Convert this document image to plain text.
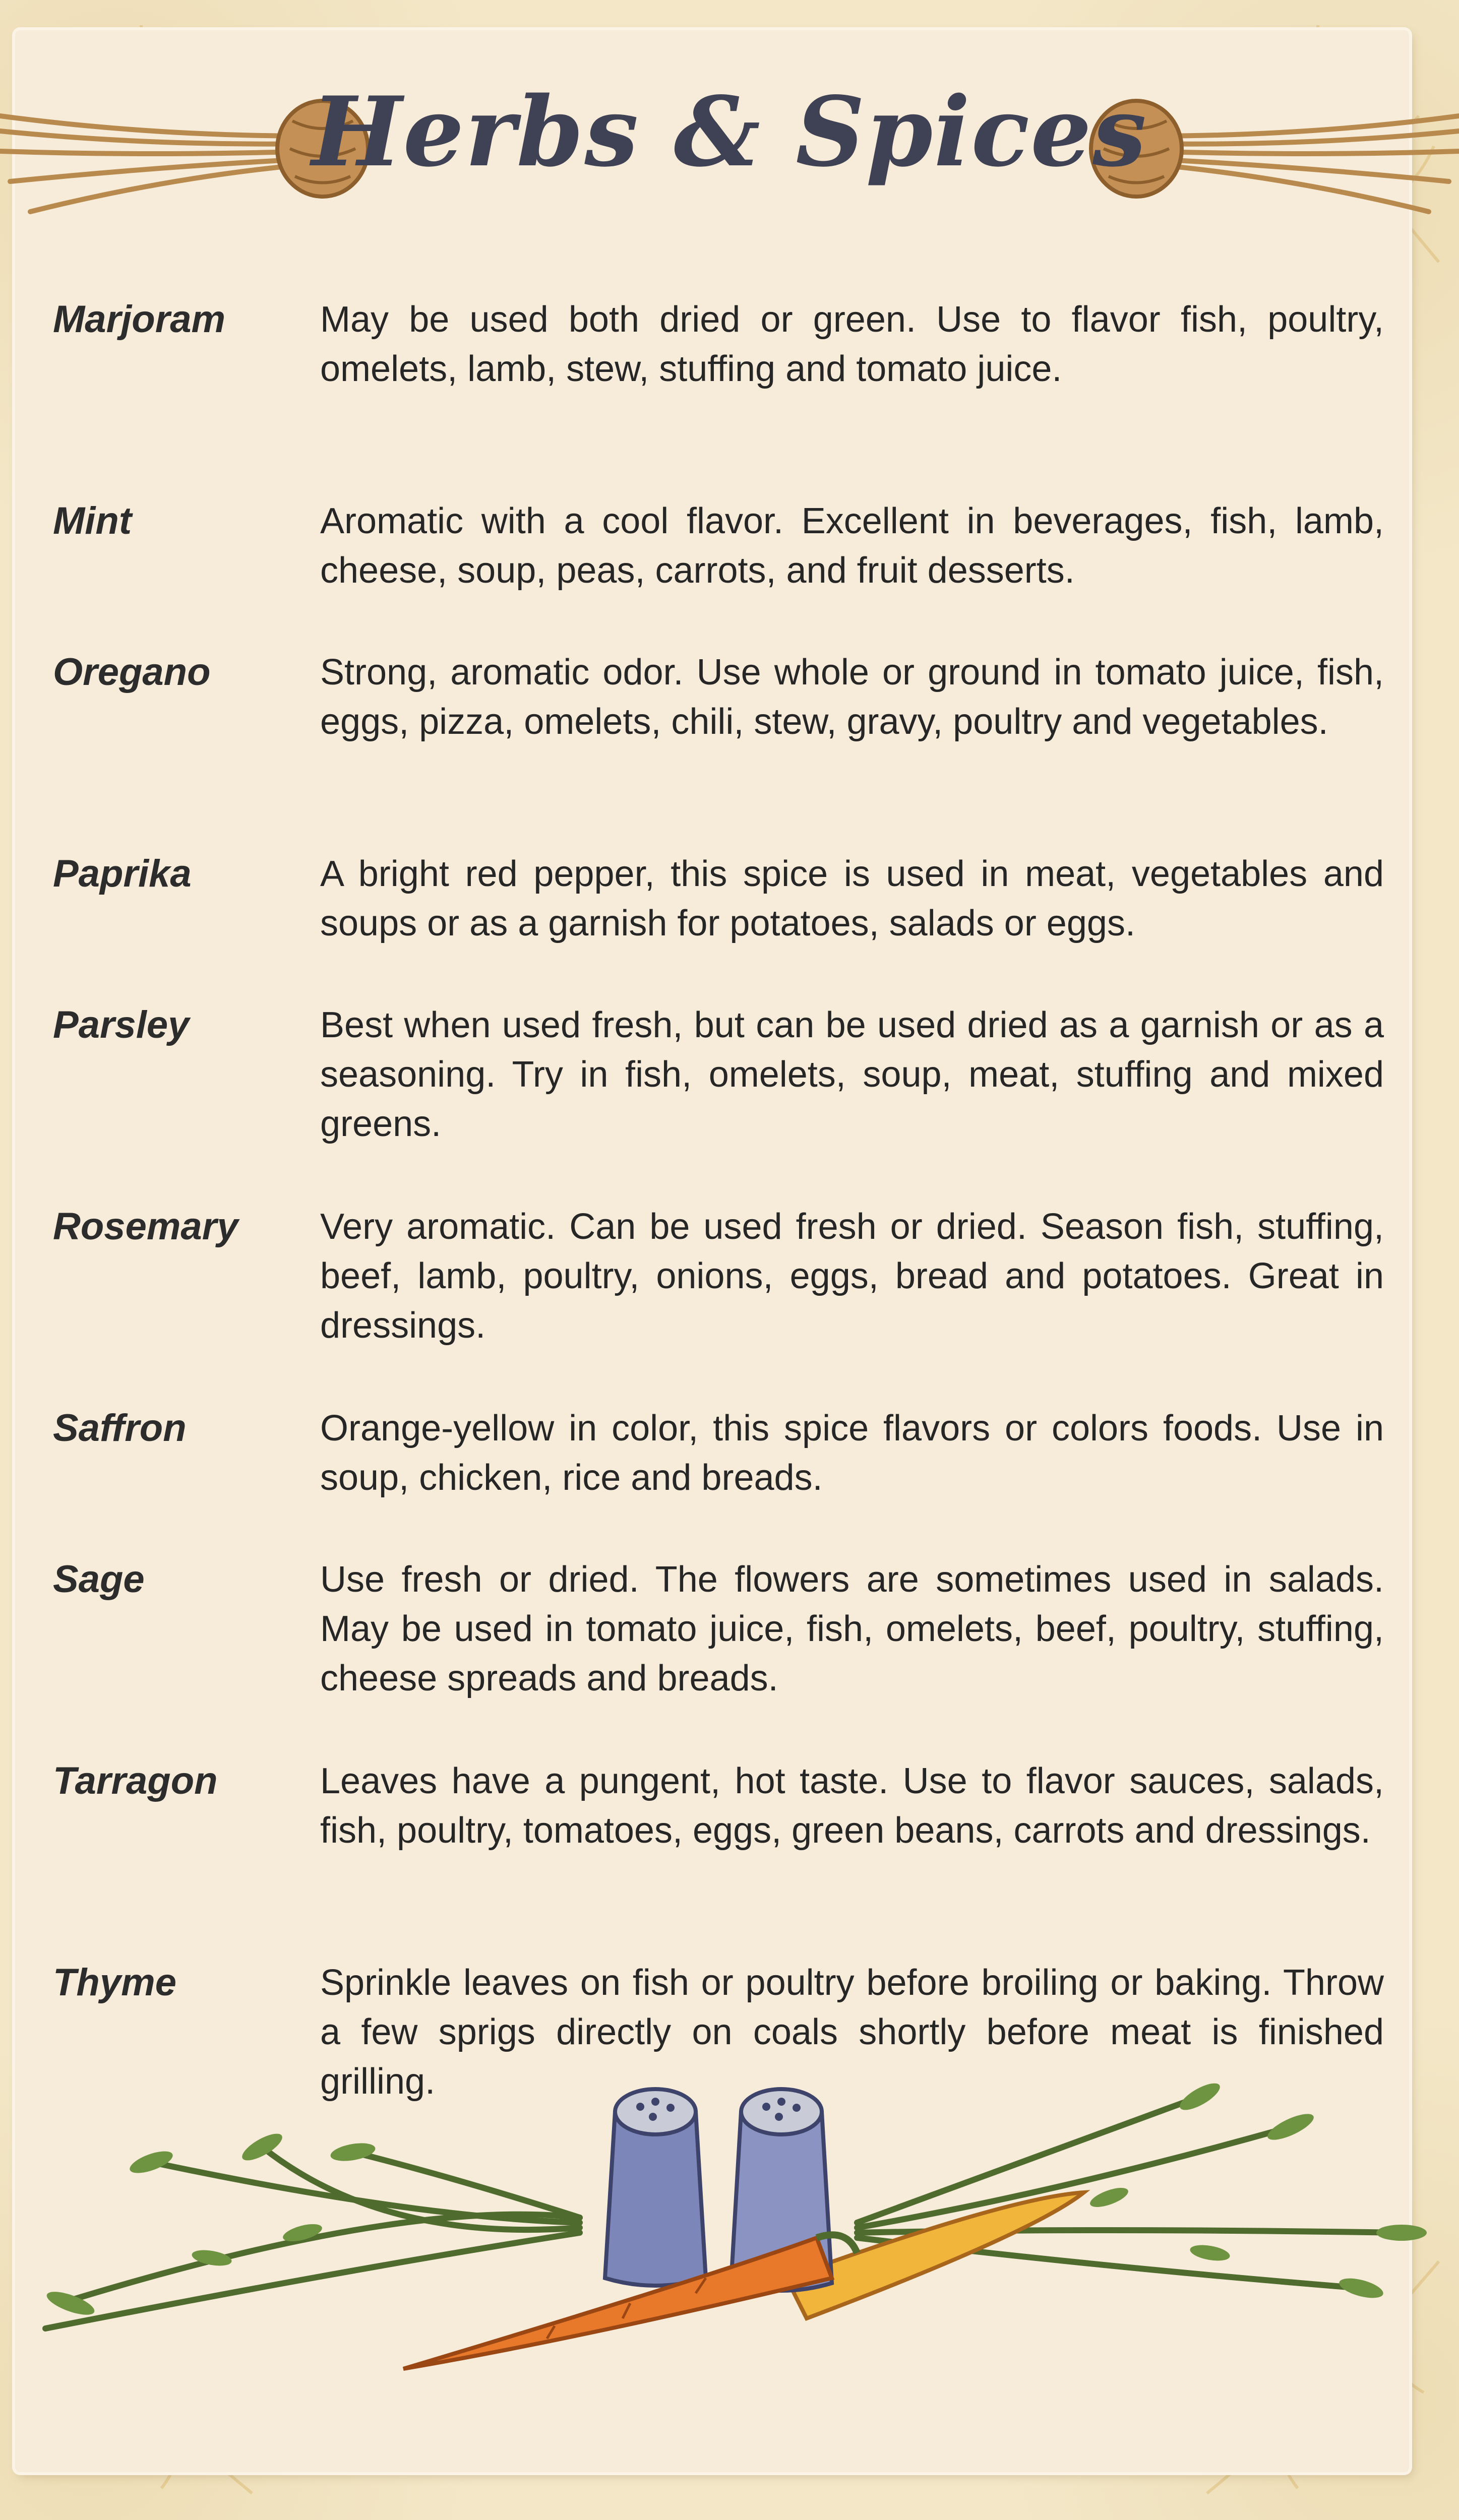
Herbs & Spices
Marjoram	May be used both dried or green. Use to flavor fish, poultry, omelets, lamb, stew, stuffing and tomato juice.
Mint	Aromatic with a cool flavor. Excellent in beverages, fish, lamb, cheese, soup, peas, carrots, and fruit desserts.
Oregano	Strong, aromatic odor. Use whole or ground in tomato juice, fish, eggs, pizza, omelets, chili, stew, gravy, poultry and vegetables.
Paprika	A bright red pepper, this spice is used in meat, vegetables and soups or as a garnish for potatoes, salads or eggs.
Parsley	Best when used fresh, but can be used dried as a garnish or as a seasoning. Try in fish, omelets, soup, meat, stuffing and mixed greens.
Rosemary	Very aromatic. Can be used fresh or dried. Season fish, stuffing, beef, lamb, poultry, onions, eggs, bread and potatoes. Great in dressings.
Saffron	Orange-yellow in color, this spice flavors or colors foods. Use in soup, chicken, rice and breads.
Sage	Use fresh or dried. The flowers are sometimes used in salads. May be used in tomato juice, fish, omelets, beef, poultry, stuffing, cheese spreads and breads.
Tarragon	Leaves have a pungent, hot taste. Use to flavor sauces, salads, fish, poultry, tomatoes, eggs, green beans, carrots and dressings.
Thyme	Sprinkle leaves on fish or poultry before broiling or baking. Throw a few sprigs directly on coals shortly before meat is finished grilling.
